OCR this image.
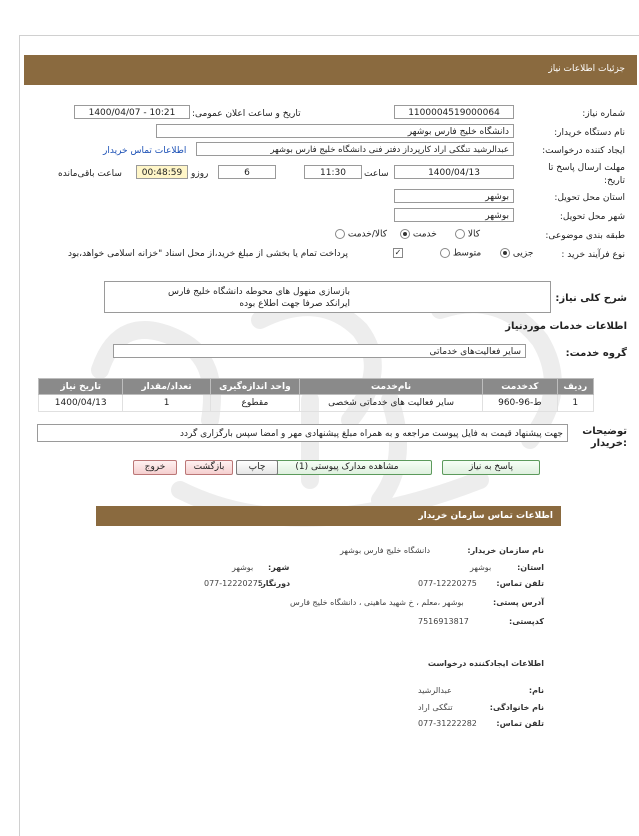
جزئیات اطلاعات نیاز
شماره نیاز:
1100004519000064
تاریخ و ساعت اعلان عمومی:
1400/04/07 - 10:21
نام دستگاه خریدار:
دانشگاه خلیج فارس بوشهر
ایجاد کننده درخواست:
عبدالرشید تنگکی اراد کارپرداز دفتر فنی دانشگاه خلیج فارس بوشهر
اطلاعات تماس خریدار
مهلت ارسال پاسخ تا
تاریخ:
1400/04/13
ساعت
11:30
6
روزو
00:48:59
ساعت باقی‌مانده
استان محل تحویل:
بوشهر
شهر محل تحویل:
بوشهر
طبقه بندی موضوعی:
کالا
خدمت
کالا/خدمت
نوع فرآیند خرید :
جزیی
متوسط
✓
پرداخت تمام یا بخشی از مبلغ خرید،از محل اسناد "خزانه اسلامی خواهد،بود
شرح کلی نیاز:
بازسازی منهول های محوطه دانشگاه خلیج فارس
ایرانکد صرفا جهت اطلاع بوده
اطلاعات خدمات موردنیاز
گروه خدمت:
سایر فعالیت‌های خدماتی
ردیف	کدخدمت	نام‌خدمت	واحد اندازه‌گیری	تعداد/مقدار	تاریخ نیاز
1	ط-96-960	سایر فعالیت های خدماتی شخصی	مقطوع	1	1400/04/13
توضیحات
:خریدار
جهت پیشنهاد قیمت به فایل پیوست مراجعه و به همراه مبلغ پیشنهادی مهر و امضا سپس بارگزاری گردد
پاسخ به نیاز
مشاهده مدارک پیوستی (1)
چاپ
بازگشت
خروج
اطلاعات تماس سازمان خریدار
نام سازمان خریدار:
دانشگاه خلیج فارس بوشهر
استان:
بوشهر
شهر:
بوشهر
تلفن تماس:
077-12220275
دورنگار:
077-12220275
آدرس پستی:
بوشهر ،معلم ، خ شهید ماهینی ، دانشگاه خلیج فارس
کدپستی:
7516913817
اطلاعات ایجادکننده درخواست
نام:
عبدالرشید
نام خانوادگی:
تنگکی اراد
تلفن تماس:
077-31222282
